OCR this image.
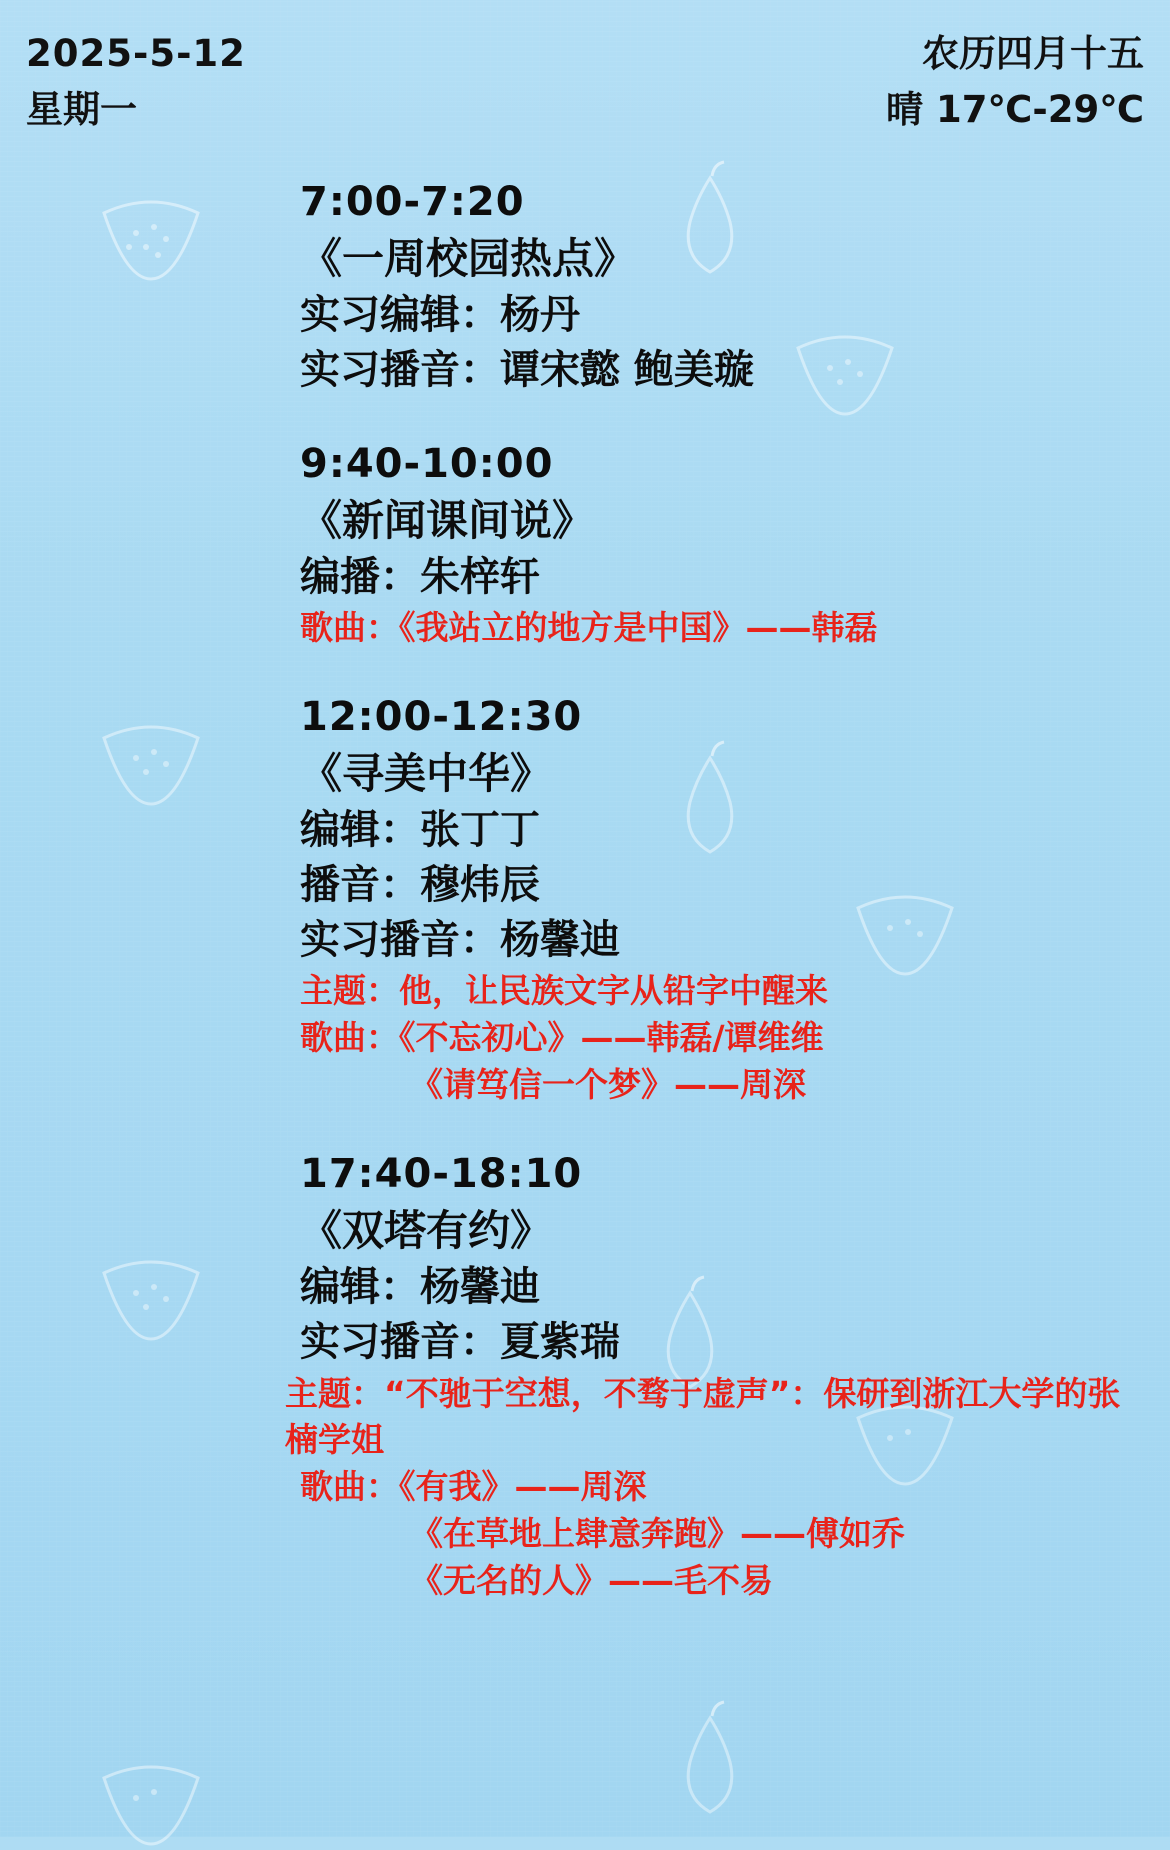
2025-5-12
星期一
农历四月十五
晴 17℃-29℃
7:00-7:20
《一周校园热点》
实习编辑：杨丹
实习播音：谭宋懿 鲍美璇
9:40-10:00
《新闻课间说》
编播：朱梓轩
歌曲：《我站立的地方是中国》——韩磊
12:00-12:30
《寻美中华》
编辑：张丁丁
播音：穆炜辰
实习播音：杨馨迪
主题：他，让民族文字从铅字中醒来
歌曲：《不忘初心》——韩磊/谭维维
《请笃信一个梦》——周深
17:40-18:10
《双塔有约》
编辑：杨馨迪
实习播音：夏紫瑞
主题：“不驰于空想，不骛于虚声”：保研到浙江大学的张楠学姐
歌曲：《有我》——周深
《在草地上肆意奔跑》——傅如乔
《无名的人》——毛不易
